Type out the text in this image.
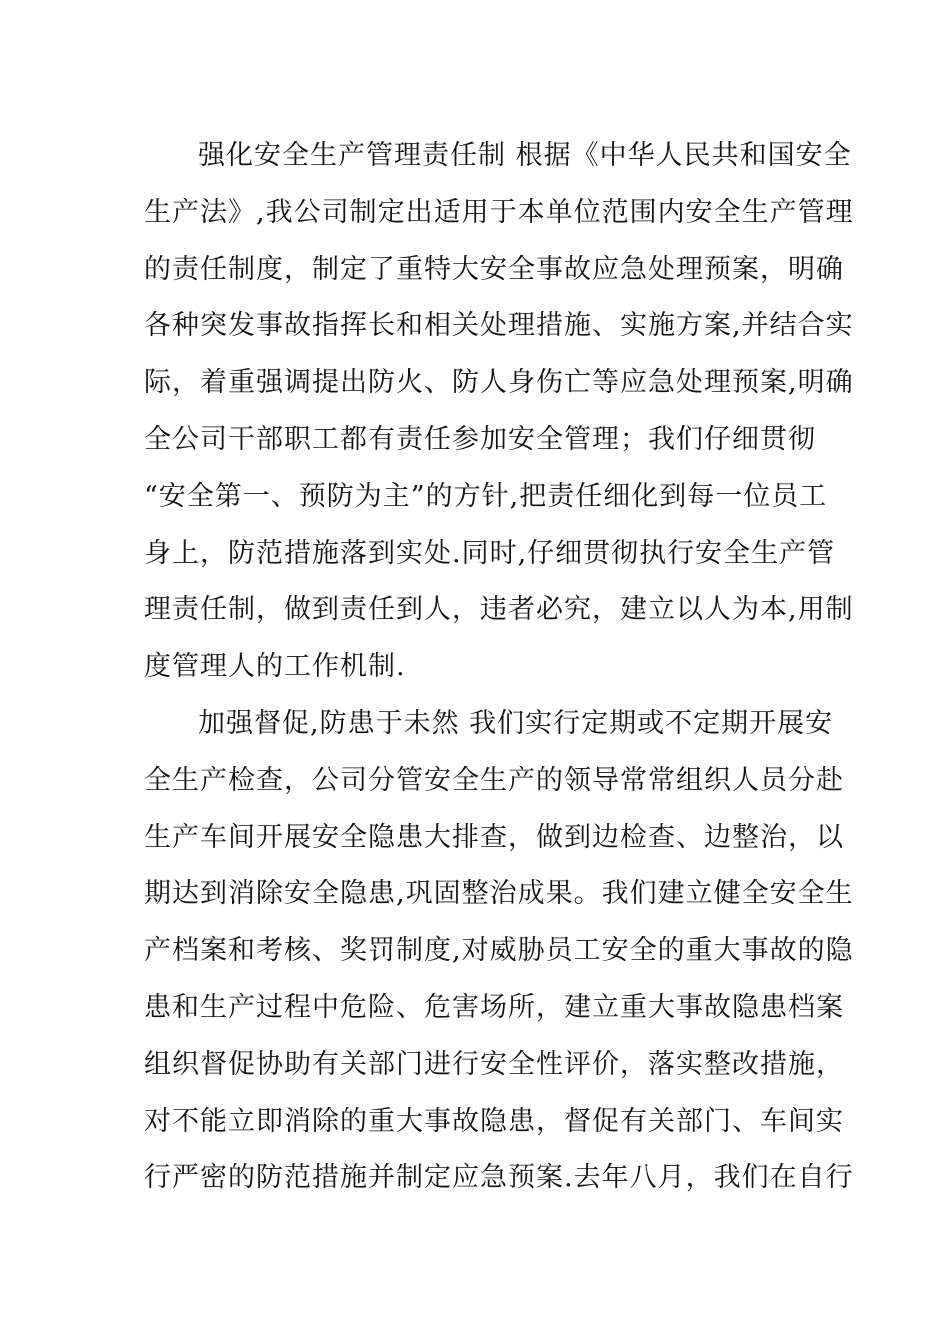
强化安全生产管理责任制 根据《中华人民共和国安全
生产法》,我公司制定出适用于本单位范围内安全生产管理
的责任制度，制定了重特大安全事故应急处理预案，明确
各种突发事故指挥长和相关处理措施、实施方案,并结合实
际，着重强调提出防火、防人身伤亡等应急处理预案,明确
全公司干部职工都有责任参加安全管理；我们仔细贯彻
“安全第一、预防为主”的方针,把责任细化到每一位员工
身上，防范措施落到实处.同时,仔细贯彻执行安全生产管
理责任制，做到责任到人，违者必究，建立以人为本,用制
度管理人的工作机制.
加强督促,防患于未然 我们实行定期或不定期开展安
全生产检查，公司分管安全生产的领导常常组织人员分赴
生产车间开展安全隐患大排查，做到边检查、边整治，以
期达到消除安全隐患,巩固整治成果。我们建立健全安全生
产档案和考核、奖罚制度,对威胁员工安全的重大事故的隐
患和生产过程中危险、危害场所，建立重大事故隐患档案
组织督促协助有关部门进行安全性评价，落实整改措施，
对不能立即消除的重大事故隐患，督促有关部门、车间实
行严密的防范措施并制定应急预案.去年八月，我们在自行
